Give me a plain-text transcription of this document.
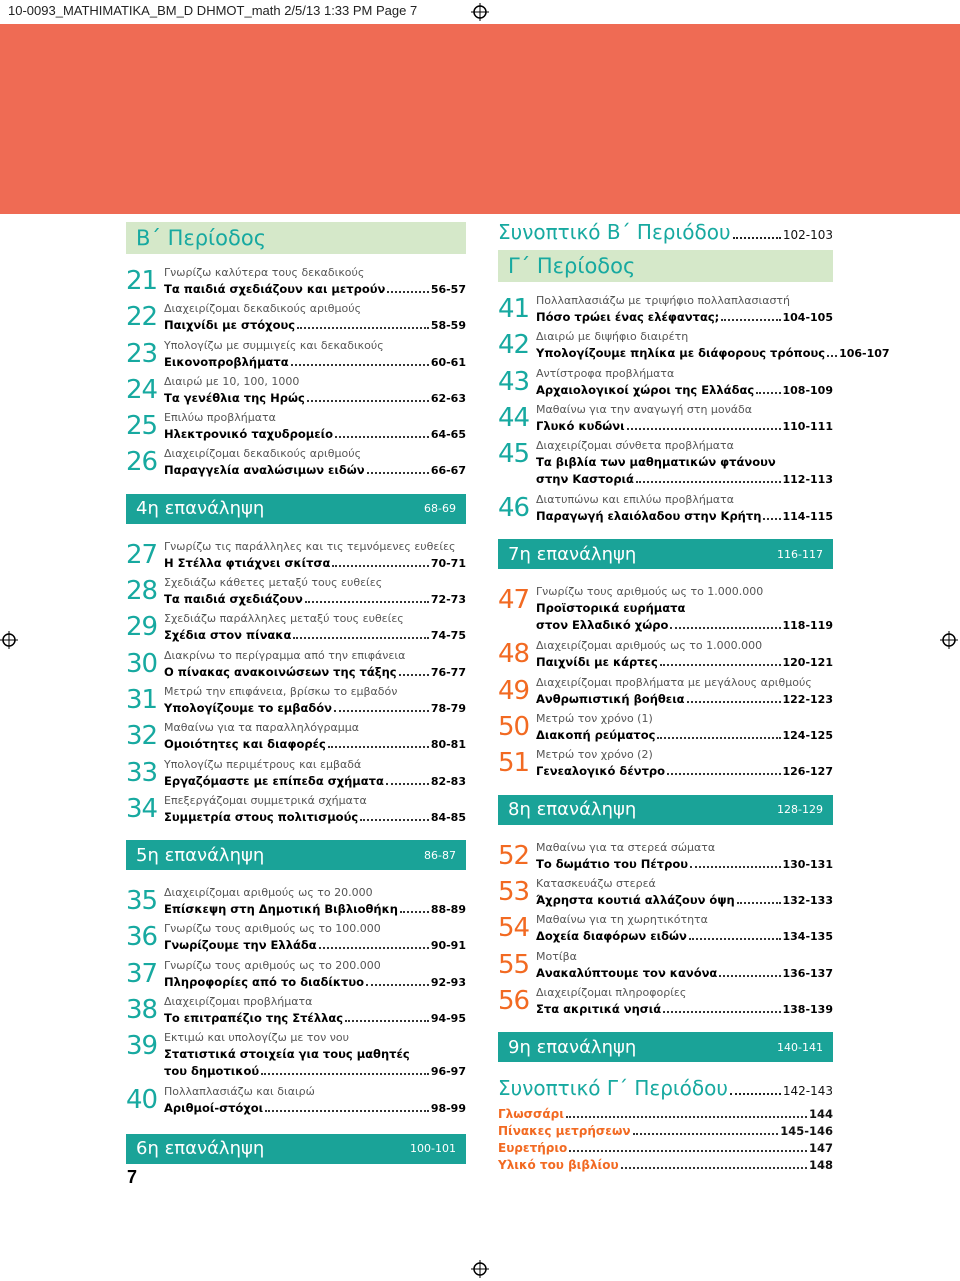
10-0093_MATHIMATIKA_BM_D DHMOT_math 2/5/13 1:33 PM Page 7
Β΄ Περίοδος
21 Γνωρίζω καλύτερα τους δεκαδικούς
Τα παιδιά σχεδιάζουν και μετρούν	56-57
22 Διαχειρίζομαι δεκαδικούς αριθμούς
Παιχνίδι με στόχους	58-59
23 Υπολογίζω με συμμιγείς και δεκαδικούς
Εικονοπροβλήματα	60-61
24 Διαιρώ με 10, 100, 1000
Τα γενέθλια της Ηρώς	62-63
25 Επιλύω προβλήματα
Ηλεκτρονικό ταχυδρομείο	64-65
26 Διαχειρίζομαι δεκαδικούς αριθμούς
Παραγγελία αναλώσιμων ειδών	66-67
4η επανάληψη	68-69
27 Γνωρίζω τις παράλληλες και τις τεμνόμενες ευθείες
Η Στέλλα φτιάχνει σκίτσα	70-71
28 Σχεδιάζω κάθετες μεταξύ τους ευθείες
Τα παιδιά σχεδιάζουν	72-73
29 Σχεδιάζω παράλληλες μεταξύ τους ευθείες
Σχέδια στον πίνακα	74-75
30 Διακρίνω το περίγραμμα από την επιφάνεια
Ο πίνακας ανακοινώσεων της τάξης	76-77
31 Μετρώ την επιφάνεια, βρίσκω το εμβαδόν
Υπολογίζουμε το εμβαδόν	78-79
32 Μαθαίνω για τα παραλληλόγραμμα
Ομοιότητες και διαφορές	80-81
33 Υπολογίζω περιμέτρους και εμβαδά
Εργαζόμαστε με επίπεδα σχήματα	82-83
34 Επεξεργάζομαι συμμετρικά σχήματα
Συμμετρία στους πολιτισμούς	84-85
5η επανάληψη	86-87
35 Διαχειρίζομαι αριθμούς ως το 20.000
Επίσκεψη στη Δημοτική Βιβλιοθήκη	88-89
36 Γνωρίζω τους αριθμούς ως το 100.000
Γνωρίζουμε την Ελλάδα	90-91
37 Γνωρίζω τους αριθμούς ως το 200.000
Πληροφορίες από το διαδίκτυο	92-93
38 Διαχειρίζομαι προβλήματα
Το επιτραπέζιο της Στέλλας	94-95
39 Εκτιμώ και υπολογίζω με τον νου
Στατιστικά στοιχεία για τους μαθητές
του δημοτικού	96-97
40 Πολλαπλασιάζω και διαιρώ
Αριθμοί-στόχοι	98-99
6η επανάληψη	100-101
Συνοπτικό Β΄ Περιόδου	102-103
Γ΄ Περίοδος
41 Πολλαπλασιάζω με τριψήφιο πολλαπλασιαστή
Πόσο τρώει ένας ελέφαντας;	104-105
42 Διαιρώ με διψήφιο διαιρέτη
Υπολογίζουμε πηλίκα με διάφορους τρόπους 106-107
43 Αντίστροφα προβλήματα
Αρχαιολογικοί χώροι της Ελλάδας	108-109
44 Μαθαίνω για την αναγωγή στη μονάδα
Γλυκό κυδώνι	110-111
45 Διαχειρίζομαι σύνθετα προβλήματα
Τα βιβλία των μαθηματικών φτάνουν
στην Καστοριά	112-113
46 Διατυπώνω και επιλύω προβλήματα
Παραγωγή ελαιόλαδου στην Κρήτη 114-115
7η επανάληψη	116-117
47 Γνωρίζω τους αριθμούς ως το 1.000.000
Προϊστορικά ευρήματα
στον Ελλαδικό χώρο	118-119
48 Διαχειρίζομαι αριθμούς ως το 1.000.000
Παιχνίδι με κάρτες	120-121
49 Διαχειρίζομαι προβλήματα με μεγάλους αριθμούς
Ανθρωπιστική βοήθεια	122-123
50 Μετρώ τον χρόνο (1)
Διακοπή ρεύματος	124-125
51 Μετρώ τον χρόνο (2)
Γενεαλογικό δέντρο	126-127
8η επανάληψη	128-129
52 Μαθαίνω για τα στερεά σώματα
Το δωμάτιο του Πέτρου	130-131
53 Κατασκευάζω στερεά
Άχρηστα κουτιά αλλάζουν όψη	132-133
54 Μαθαίνω για τη χωρητικότητα
Δοχεία διαφόρων ειδών	134-135
55 Μοτίβα
Ανακαλύπτουμε τον κανόνα	136-137
56 Διαχειρίζομαι πληροφορίες
Στα ακριτικά νησιά	138-139
9η επανάληψη	140-141
Συνοπτικό Γ΄ Περιόδου	142-143
Γλωσσάρι	144
Πίνακες μετρήσεων	145-146
Ευρετήριο	147
Υλικό του βιβλίου	148
7
